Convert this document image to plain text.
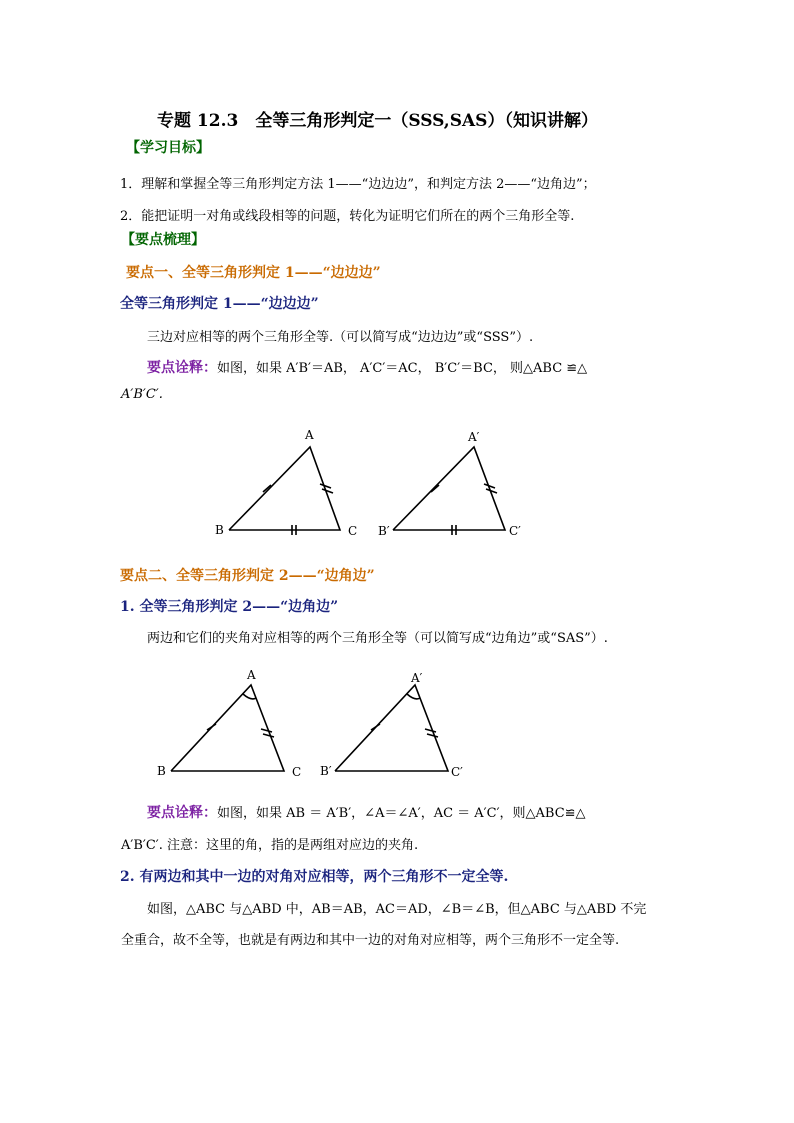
专题 12.3　全等三角形判定一（SSS,SAS）（知识讲解）
【学习目标】
1．理解和掌握全等三角形判定方法 1——“边边边”，和判定方法 2——“边角边”；
2．能把证明一对角或线段相等的问题，转化为证明它们所在的两个三角形全等.
【要点梳理】
要点一、全等三角形判定 1——“边边边”
全等三角形判定 1——“边边边”
三边对应相等的两个三角形全等.（可以简写成“边边边”或“SSS”）.
要点诠释：如图，如果 A′B′＝AB， A′C′＝AC， B′C′＝BC， 则△ABC ≌△
A′B′C′.
A
B	C
A′
B′	C′
要点二、全等三角形判定 2——“边角边”
1. 全等三角形判定 2——“边角边”
两边和它们的夹角对应相等的两个三角形全等（可以简写成“边角边”或“SAS”）.
A
B	C
A′
B′	C′
要点诠释：如图，如果 AB ＝ A′B′，∠A＝∠A′，AC ＝ A′C′，则△ABC≌△
A′B′C′. 注意：这里的角，指的是两组对应边的夹角.
2. 有两边和其中一边的对角对应相等，两个三角形不一定全等.
如图，△ABC 与△ABD 中，AB＝AB，AC＝AD，∠B＝∠B，但△ABC 与△ABD 不完
全重合，故不全等，也就是有两边和其中一边的对角对应相等，两个三角形不一定全等.
